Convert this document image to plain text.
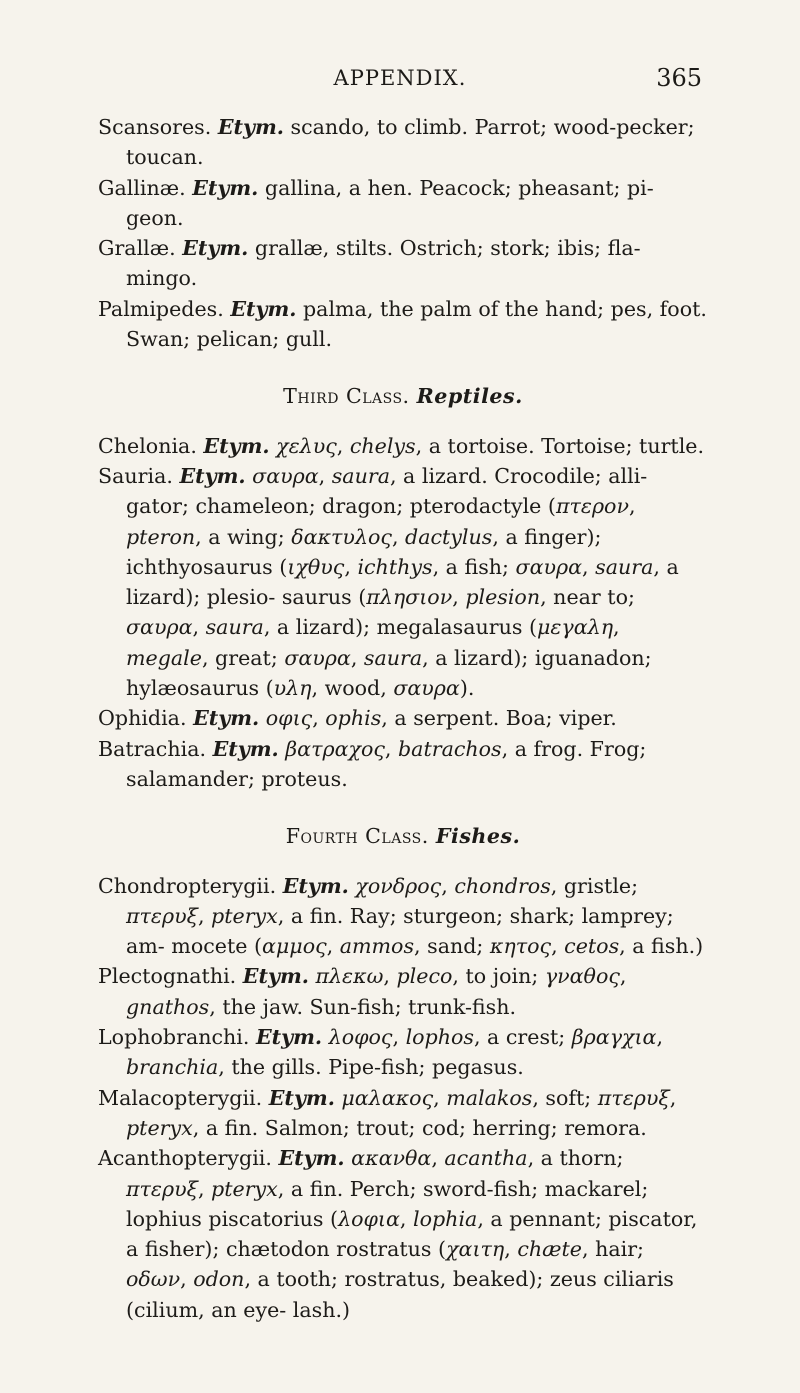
APPENDIX.	365

Scansores. Etym. scando, to climb. Parrot; wood-pecker; toucan.

Gallinæ. Etym. gallina, a hen. Peacock; pheasant; pi- geon.

Grallæ. Etym. grallæ, stilts. Ostrich; stork; ibis; fla- mingo.

Palmipedes. Etym. palma, the palm of the hand; pes, foot. Swan; pelican; gull.

Third Class. Reptiles.

Chelonia. Etym. χελυς, chelys, a tortoise. Tortoise; turtle.

Sauria. Etym. σαυρα, saura, a lizard. Crocodile; alli- gator; chameleon; dragon; pterodactyle (πτερον, pteron, a wing; δακτυλος, dactylus, a finger); ichthyosaurus (ιχθυς, ichthys, a fish; σαυρα, saura, a lizard); plesio- saurus (πλησιον, plesion, near to; σαυρα, saura, a lizard); megalasaurus (μεγαλη, megale, great; σαυρα, saura, a lizard); iguanadon; hylæosaurus (υλη, wood, σαυρα).

Ophidia. Etym. οφις, ophis, a serpent. Boa; viper.

Batrachia. Etym. βατραχος, batrachos, a frog. Frog; salamander; proteus.

Fourth Class. Fishes.

Chondropterygii. Etym. χονδρος, chondros, gristle; πτερυξ, pteryx, a fin. Ray; sturgeon; shark; lamprey; am- mocete (αμμος, ammos, sand; κητος, cetos, a fish.)

Plectognathi. Etym. πλεκω, pleco, to join; γναθος, gnathos, the jaw. Sun-fish; trunk-fish.

Lophobranchi. Etym. λοφος, lophos, a crest; βραγχια, branchia, the gills. Pipe-fish; pegasus.

Malacopterygii. Etym. μαλακος, malakos, soft; πτερυξ, pteryx, a fin. Salmon; trout; cod; herring; remora.

Acanthopterygii. Etym. ακανθα, acantha, a thorn; πτερυξ, pteryx, a fin. Perch; sword-fish; mackarel; lophius piscatorius (λοφια, lophia, a pennant; piscator, a fisher); chætodon rostratus (χαιτη, chæte, hair; οδων, odon, a tooth; rostratus, beaked); zeus ciliaris (cilium, an eye- lash.)
